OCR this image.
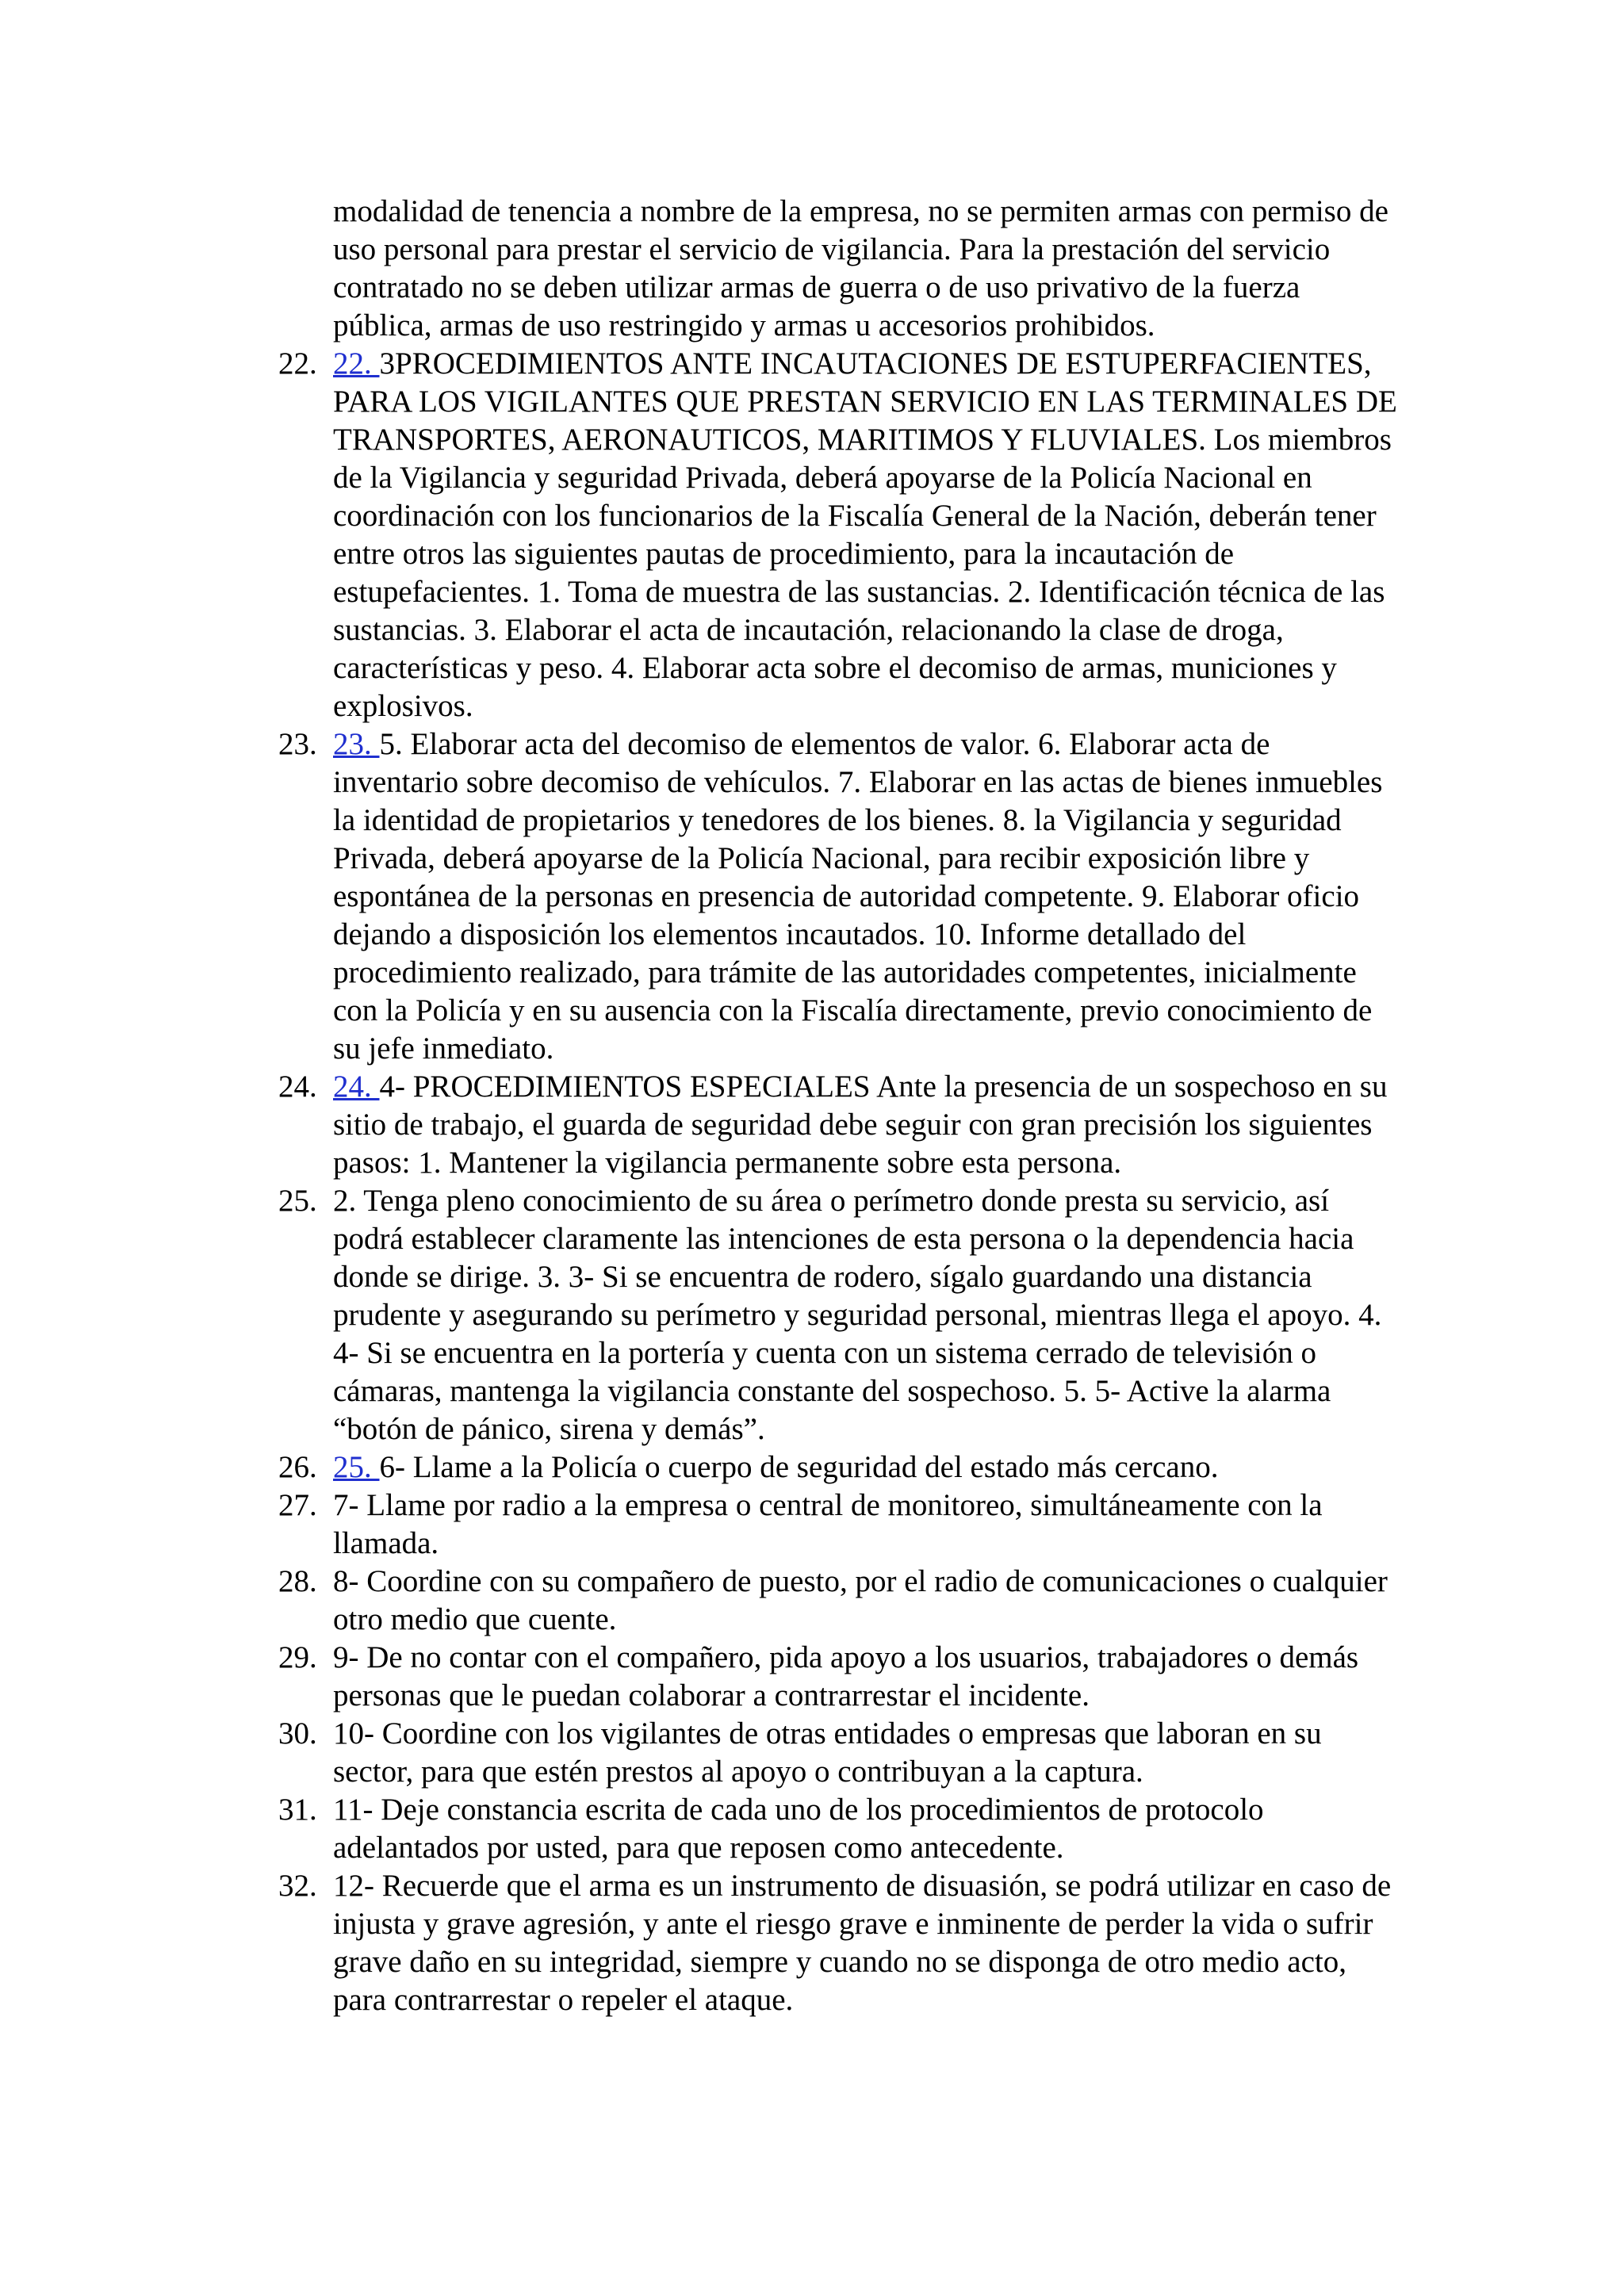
modalidad de tenencia a nombre de la empresa, no se permiten armas con permiso de uso personal para prestar el servicio de vigilancia. Para la prestación del servicio contratado no se deben utilizar armas de guerra o de uso privativo de la fuerza pública, armas de uso restringido y armas u accesorios prohibidos.
22. 22. 3PROCEDIMIENTOS ANTE INCAUTACIONES DE ESTUPERFACIENTES, PARA LOS VIGILANTES QUE PRESTAN SERVICIO EN LAS TERMINALES DE TRANSPORTES, AERONAUTICOS, MARITIMOS Y FLUVIALES. Los miembros de la Vigilancia y seguridad Privada, deberá apoyarse de la Policía Nacional en coordinación con los funcionarios de la Fiscalía General de la Nación, deberán tener entre otros las siguientes pautas de procedimiento, para la incautación de estupefacientes. 1. Toma de muestra de las sustancias. 2. Identificación técnica de las sustancias. 3. Elaborar el acta de incautación, relacionando la clase de droga, características y peso. 4. Elaborar acta sobre el decomiso de armas, municiones y explosivos.
23. 23. 5. Elaborar acta del decomiso de elementos de valor. 6. Elaborar acta de inventario sobre decomiso de vehículos. 7. Elaborar en las actas de bienes inmuebles la identidad de propietarios y tenedores de los bienes. 8. la Vigilancia y seguridad Privada, deberá apoyarse de la Policía Nacional, para recibir exposición libre y espontánea de la personas en presencia de autoridad competente. 9. Elaborar oficio dejando a disposición los elementos incautados. 10. Informe detallado del procedimiento realizado, para trámite de las autoridades competentes, inicialmente con la Policía y en su ausencia con la Fiscalía directamente, previo conocimiento de su jefe inmediato.
24. 24. 4- PROCEDIMIENTOS ESPECIALES Ante la presencia de un sospechoso en su sitio de trabajo, el guarda de seguridad debe seguir con gran precisión los siguientes pasos: 1. Mantener la vigilancia permanente sobre esta persona.
25. 2. Tenga pleno conocimiento de su área o perímetro donde presta su servicio, así podrá establecer claramente las intenciones de esta persona o la dependencia hacia donde se dirige. 3. 3- Si se encuentra de rodero, sígalo guardando una distancia prudente y asegurando su perímetro y seguridad personal, mientras llega el apoyo. 4. 4- Si se encuentra en la portería y cuenta con un sistema cerrado de televisión o cámaras, mantenga la vigilancia constante del sospechoso. 5. 5- Active la alarma “botón de pánico, sirena y demás”.
26. 25. 6- Llame a la Policía o cuerpo de seguridad del estado más cercano.
27. 7- Llame por radio a la empresa o central de monitoreo, simultáneamente con la llamada.
28. 8- Coordine con su compañero de puesto, por el radio de comunicaciones o cualquier otro medio que cuente.
29. 9- De no contar con el compañero, pida apoyo a los usuarios, trabajadores o demás personas que le puedan colaborar a contrarrestar el incidente.
30. 10- Coordine con los vigilantes de otras entidades o empresas que laboran en su sector, para que estén prestos al apoyo o contribuyan a la captura.
31. 11- Deje constancia escrita de cada uno de los procedimientos de protocolo adelantados por usted, para que reposen como antecedente.
32. 12- Recuerde que el arma es un instrumento de disuasión, se podrá utilizar en caso de injusta y grave agresión, y ante el riesgo grave e inminente de perder la vida o sufrir grave daño en su integridad, siempre y cuando no se disponga de otro medio acto, para contrarrestar o repeler el ataque.
